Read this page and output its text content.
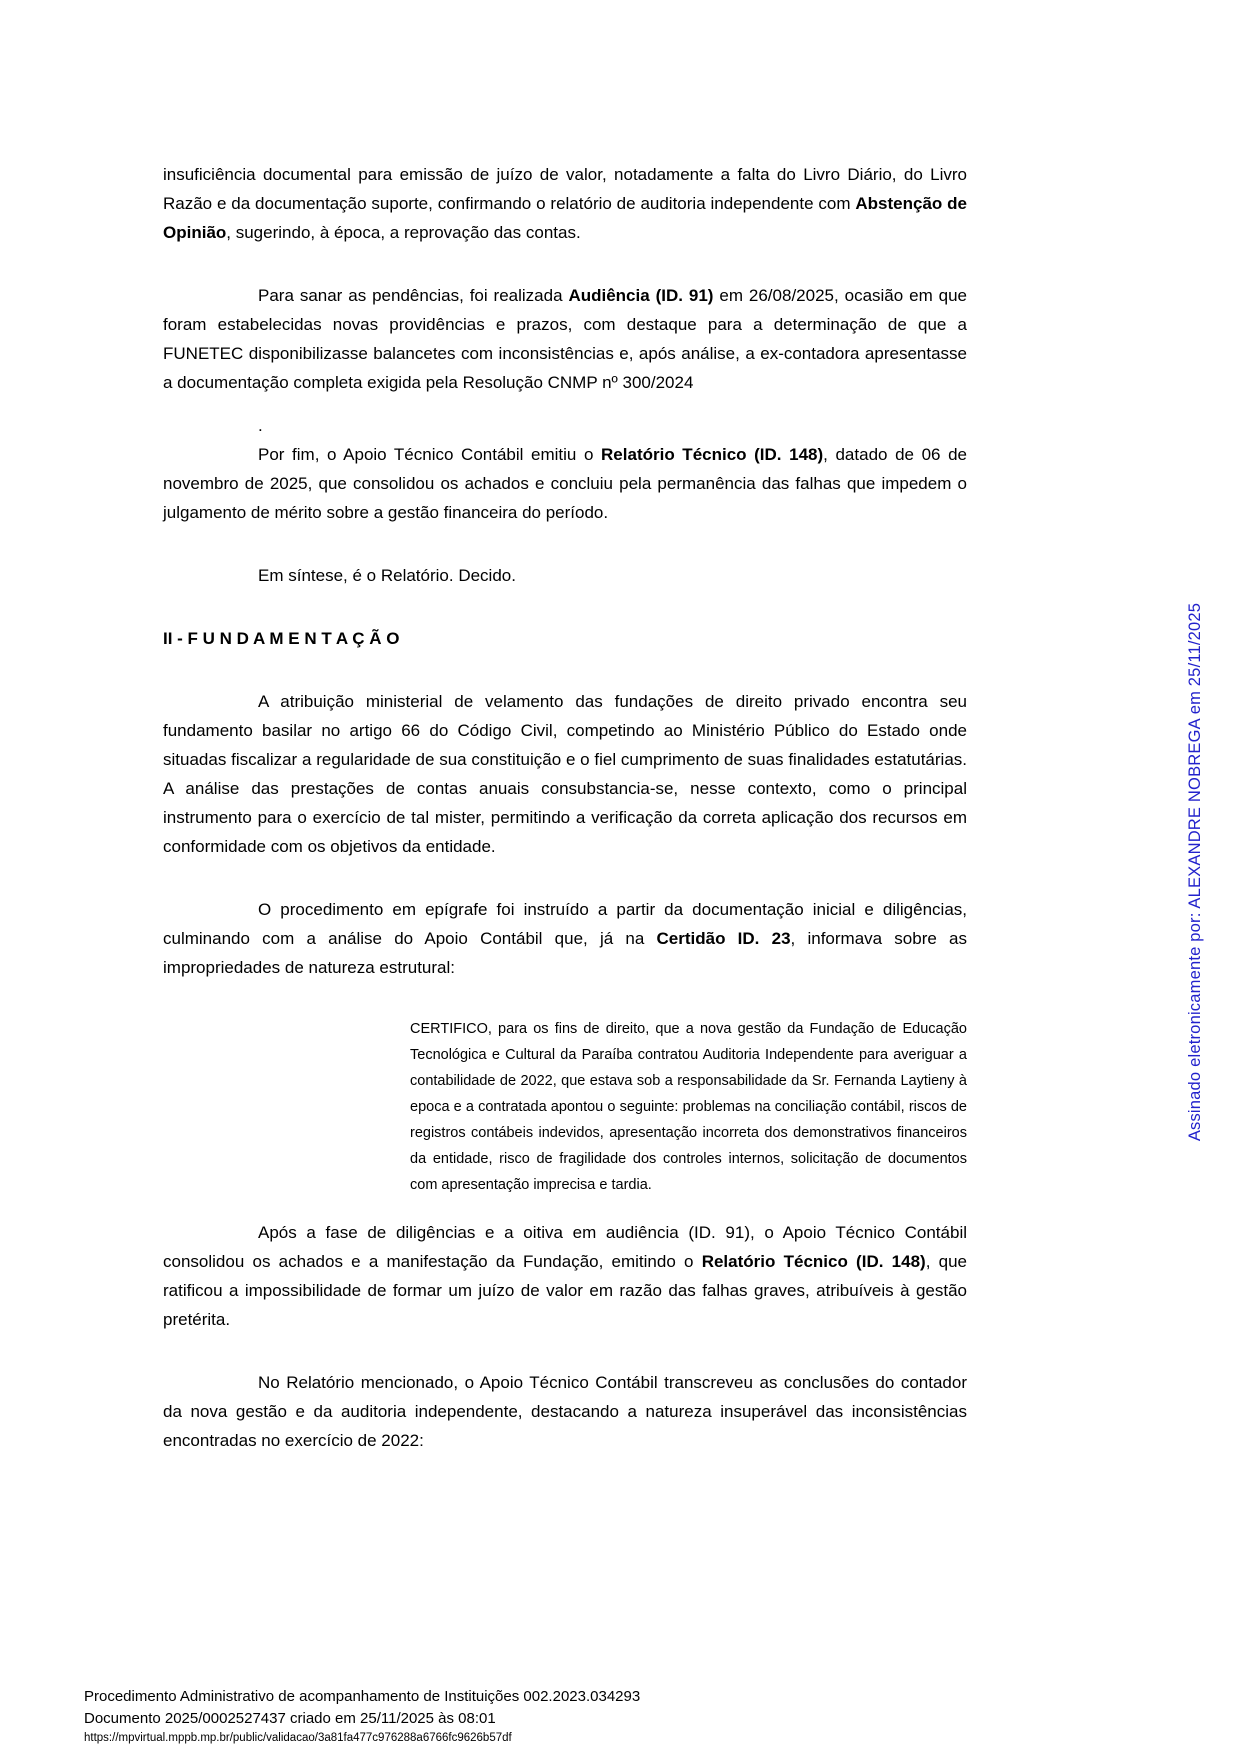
insuficiência documental para emissão de juízo de valor, notadamente a falta do Livro Diário, do Livro Razão e da documentação suporte, confirmando o relatório de auditoria independente com Abstenção de Opinião, sugerindo, à época, a reprovação das contas.

Para sanar as pendências, foi realizada Audiência (ID. 91) em 26/08/2025, ocasião em que foram estabelecidas novas providências e prazos, com destaque para a determinação de que a FUNETEC disponibilizasse balancetes com inconsistências e, após análise, a ex-contadora apresentasse a documentação completa exigida pela Resolução CNMP nº 300/2024

.

Por fim, o Apoio Técnico Contábil emitiu o Relatório Técnico (ID. 148), datado de 06 de novembro de 2025, que consolidou os achados e concluiu pela permanência das falhas que impedem o julgamento de mérito sobre a gestão financeira do período.

Em síntese, é o Relatório. Decido.

II - F U N D A M E N T A Ç Ã O

A atribuição ministerial de velamento das fundações de direito privado encontra seu fundamento basilar no artigo 66 do Código Civil, competindo ao Ministério Público do Estado onde situadas fiscalizar a regularidade de sua constituição e o fiel cumprimento de suas finalidades estatutárias. A análise das prestações de contas anuais consubstancia-se, nesse contexto, como o principal instrumento para o exercício de tal mister, permitindo a verificação da correta aplicação dos recursos em conformidade com os objetivos da entidade.

O procedimento em epígrafe foi instruído a partir da documentação inicial e diligências, culminando com a análise do Apoio Contábil que, já na Certidão ID. 23, informava sobre as impropriedades de natureza estrutural:

CERTIFICO, para os fins de direito, que a nova gestão da Fundação de Educação Tecnológica e Cultural da Paraíba contratou Auditoria Independente para averiguar a contabilidade de 2022, que estava sob a responsabilidade da Sr. Fernanda Laytieny à epoca e a contratada apontou o seguinte: problemas na conciliação contábil, riscos de registros contábeis indevidos, apresentação incorreta dos demonstrativos financeiros da entidade, risco de fragilidade dos controles internos, solicitação de documentos com apresentação imprecisa e tardia.

Após a fase de diligências e a oitiva em audiência (ID. 91), o Apoio Técnico Contábil consolidou os achados e a manifestação da Fundação, emitindo o Relatório Técnico (ID. 148), que ratificou a impossibilidade de formar um juízo de valor em razão das falhas graves, atribuíveis à gestão pretérita.

No Relatório mencionado, o Apoio Técnico Contábil transcreveu as conclusões do contador da nova gestão e da auditoria independente, destacando a natureza insuperável das inconsistências encontradas no exercício de 2022:

Assinado eletronicamente por: ALEXANDRE NOBREGA em 25/11/2025

Procedimento Administrativo de acompanhamento de Instituições 002.2023.034293

Documento 2025/0002527437 criado em 25/11/2025 às 08:01

https://mpvirtual.mppb.mp.br/public/validacao/3a81fa477c976288a6766fc9626b57df
